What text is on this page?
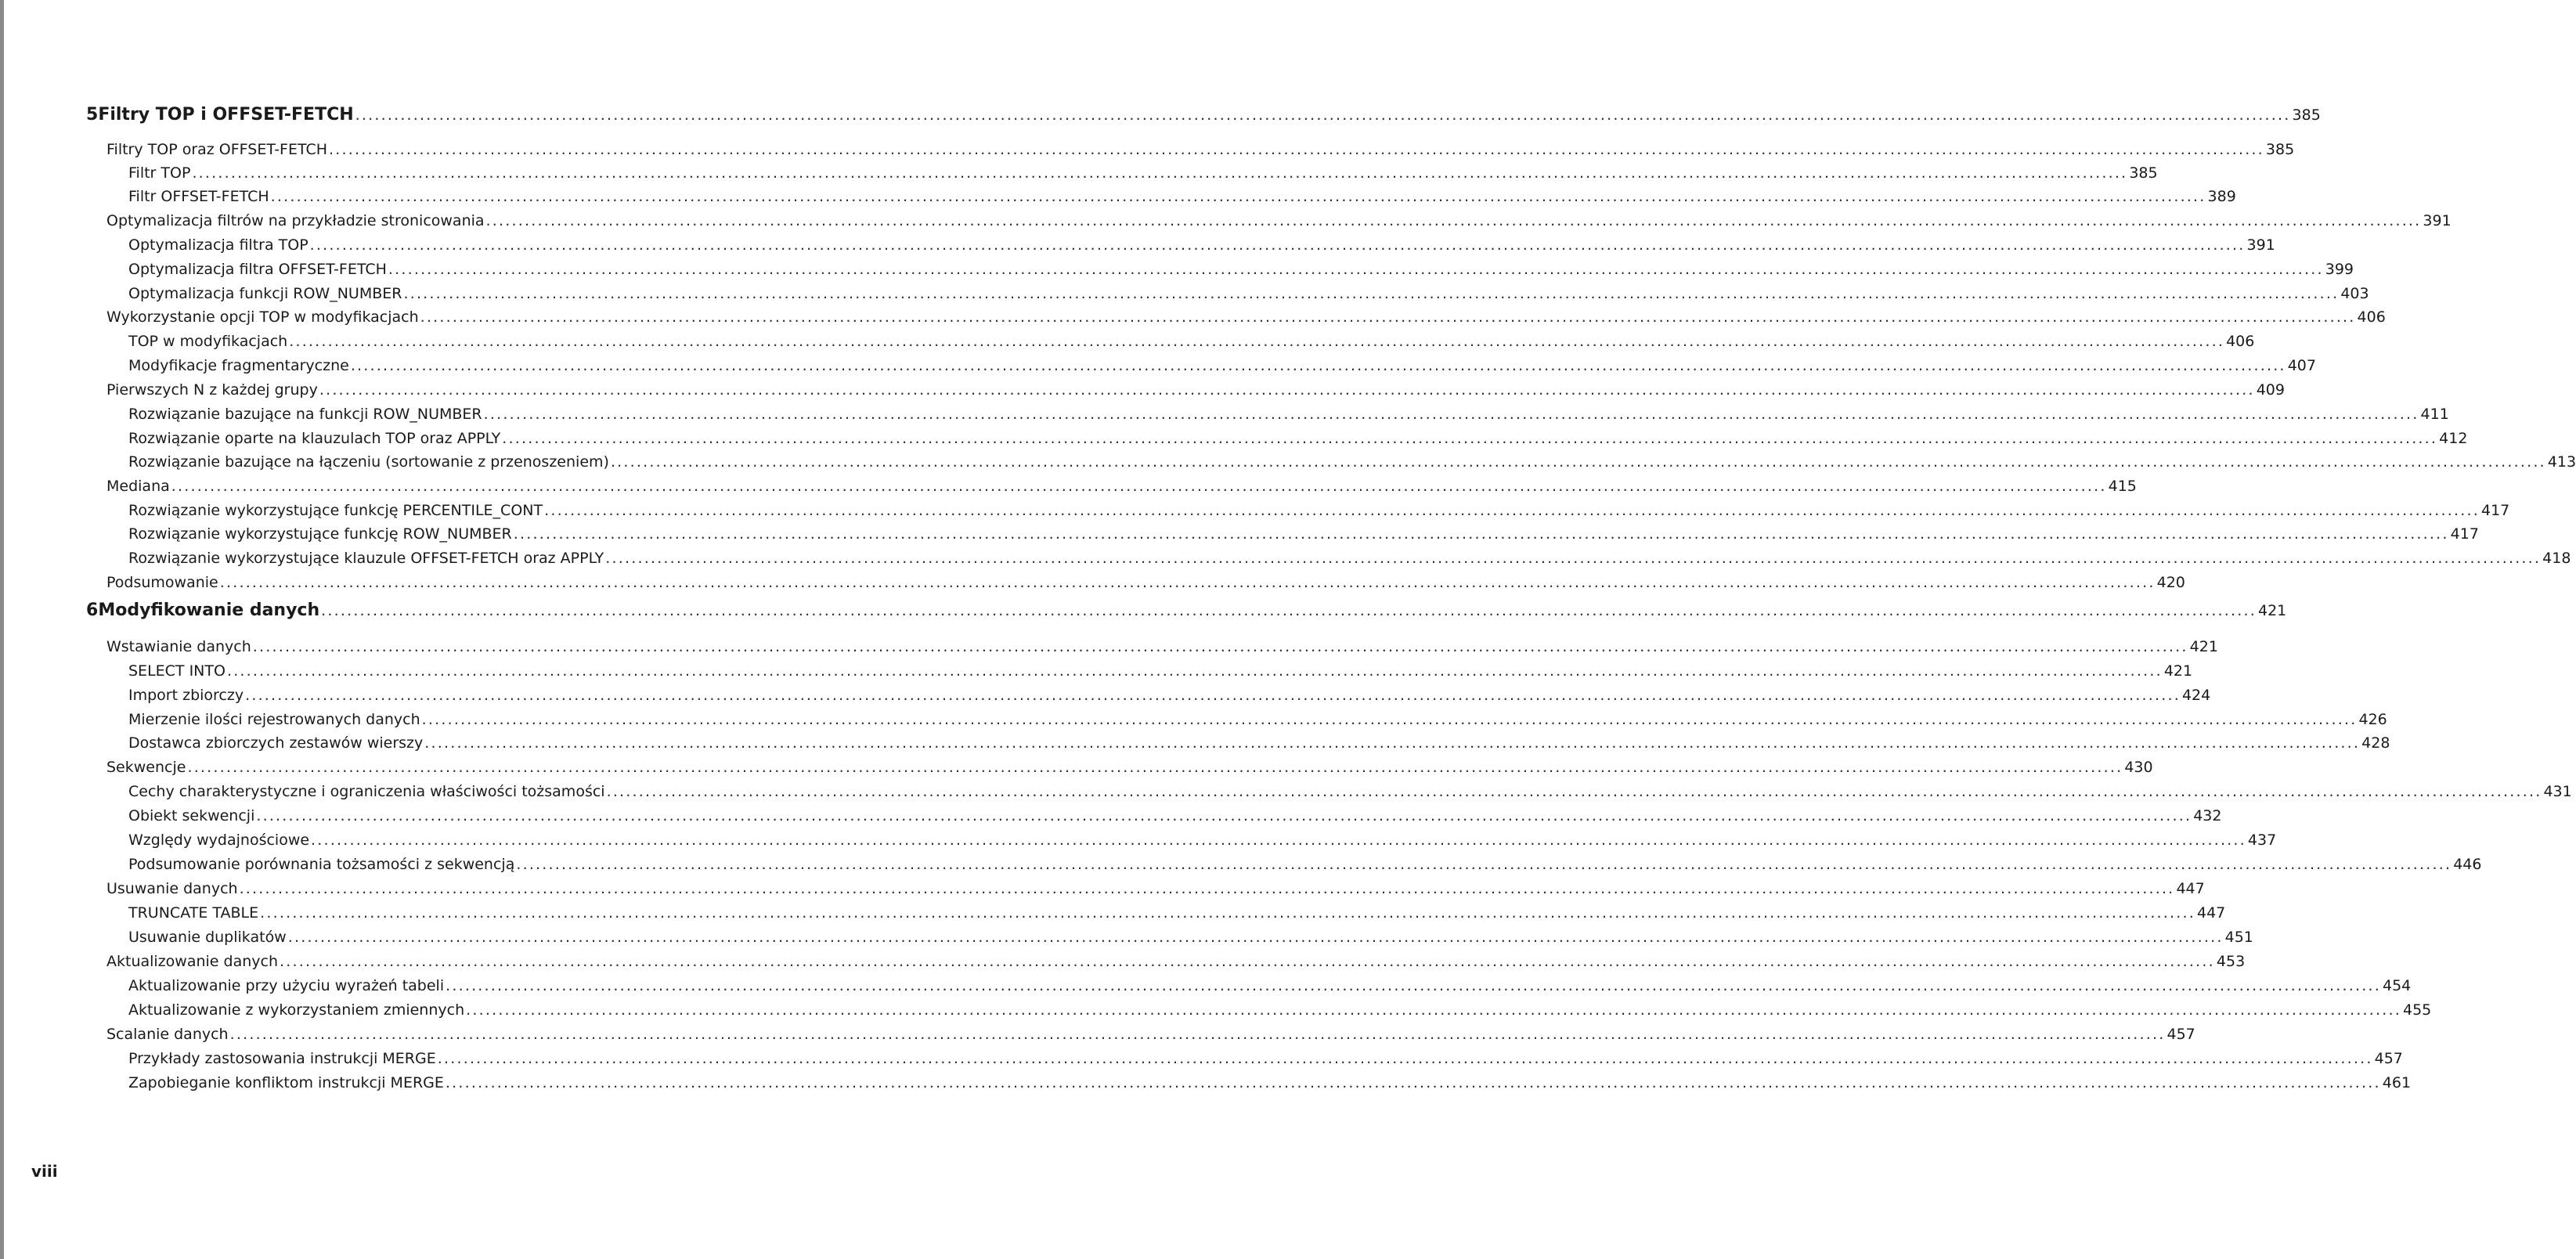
5 Filtry TOP i OFFSET-FETCH ............................................................................................................................................................................................................................................................................................................ 385
Filtry TOP oraz OFFSET-FETCH ............................................................................................................................................................................................................................................................................................................ 385
Filtr TOP ............................................................................................................................................................................................................................................................................................................ 385
Filtr OFFSET-FETCH ............................................................................................................................................................................................................................................................................................................ 389
Optymalizacja filtrów na przykładzie stronicowania ............................................................................................................................................................................................................................................................................................................ 391
Optymalizacja filtra TOP ............................................................................................................................................................................................................................................................................................................ 391
Optymalizacja filtra OFFSET-FETCH ............................................................................................................................................................................................................................................................................................................ 399
Optymalizacja funkcji ROW_NUMBER ............................................................................................................................................................................................................................................................................................................ 403
Wykorzystanie opcji TOP w modyfikacjach ............................................................................................................................................................................................................................................................................................................ 406
TOP w modyfikacjach ............................................................................................................................................................................................................................................................................................................ 406
Modyfikacje fragmentaryczne ............................................................................................................................................................................................................................................................................................................ 407
Pierwszych N z każdej grupy ............................................................................................................................................................................................................................................................................................................ 409
Rozwiązanie bazujące na funkcji ROW_NUMBER ............................................................................................................................................................................................................................................................................................................ 411
Rozwiązanie oparte na klauzulach TOP oraz APPLY ............................................................................................................................................................................................................................................................................................................ 412
Rozwiązanie bazujące na łączeniu (sortowanie z przenoszeniem) ............................................................................................................................................................................................................................................................................................................ 413
Mediana ............................................................................................................................................................................................................................................................................................................ 415
Rozwiązanie wykorzystujące funkcję PERCENTILE_CONT ............................................................................................................................................................................................................................................................................................................ 417
Rozwiązanie wykorzystujące funkcję ROW_NUMBER ............................................................................................................................................................................................................................................................................................................ 417
Rozwiązanie wykorzystujące klauzule OFFSET-FETCH oraz APPLY ............................................................................................................................................................................................................................................................................................................ 418
Podsumowanie ............................................................................................................................................................................................................................................................................................................ 420
6 Modyfikowanie danych ............................................................................................................................................................................................................................................................................................................ 421
Wstawianie danych ............................................................................................................................................................................................................................................................................................................ 421
SELECT INTO ............................................................................................................................................................................................................................................................................................................ 421
Import zbiorczy ............................................................................................................................................................................................................................................................................................................ 424
Mierzenie ilości rejestrowanych danych ............................................................................................................................................................................................................................................................................................................ 426
Dostawca zbiorczych zestawów wierszy ............................................................................................................................................................................................................................................................................................................ 428
Sekwencje ............................................................................................................................................................................................................................................................................................................ 430
Cechy charakterystyczne i ograniczenia właściwości tożsamości ............................................................................................................................................................................................................................................................................................................ 431
Obiekt sekwencji ............................................................................................................................................................................................................................................................................................................ 432
Względy wydajnościowe ............................................................................................................................................................................................................................................................................................................ 437
Podsumowanie porównania tożsamości z sekwencją ............................................................................................................................................................................................................................................................................................................ 446
Usuwanie danych ............................................................................................................................................................................................................................................................................................................ 447
TRUNCATE TABLE ............................................................................................................................................................................................................................................................................................................ 447
Usuwanie duplikatów ............................................................................................................................................................................................................................................................................................................ 451
Aktualizowanie danych ............................................................................................................................................................................................................................................................................................................ 453
Aktualizowanie przy użyciu wyrażeń tabeli ............................................................................................................................................................................................................................................................................................................ 454
Aktualizowanie z wykorzystaniem zmiennych ............................................................................................................................................................................................................................................................................................................ 455
Scalanie danych ............................................................................................................................................................................................................................................................................................................ 457
Przykłady zastosowania instrukcji MERGE ............................................................................................................................................................................................................................................................................................................ 457
Zapobieganie konfliktom instrukcji MERGE ............................................................................................................................................................................................................................................................................................................ 461
viii
